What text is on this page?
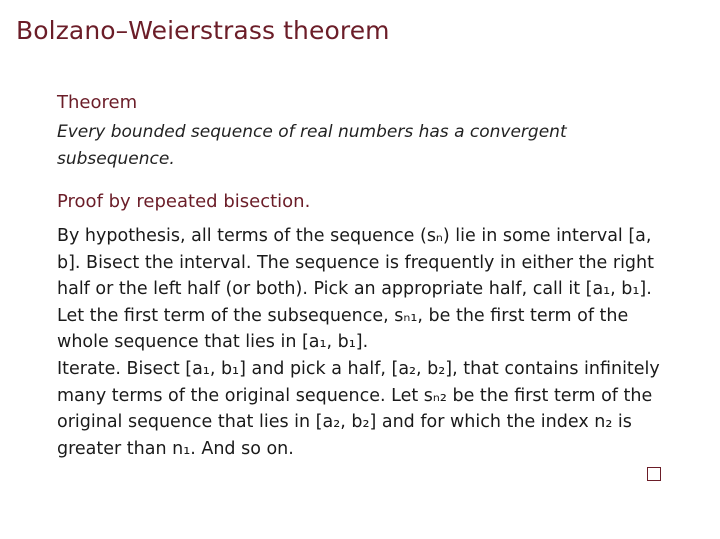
Bolzano–Weierstrass theorem
Theorem
Every bounded sequence of real numbers has a convergent subsequence.
Proof by repeated bisection.

By hypothesis, all terms of the sequence (sₙ) lie in some interval [a, b]. Bisect the interval. The sequence is frequently in either the right half or the left half (or both). Pick an appropriate half, call it [a₁, b₁]. Let the first term of the subsequence, sₙ₁, be the first term of the whole sequence that lies in [a₁, b₁].

Iterate. Bisect [a₁, b₁] and pick a half, [a₂, b₂], that contains infinitely many terms of the original sequence. Let sₙ₂ be the first term of the original sequence that lies in [a₂, b₂] and for which the index n₂ is greater than n₁. And so on.
